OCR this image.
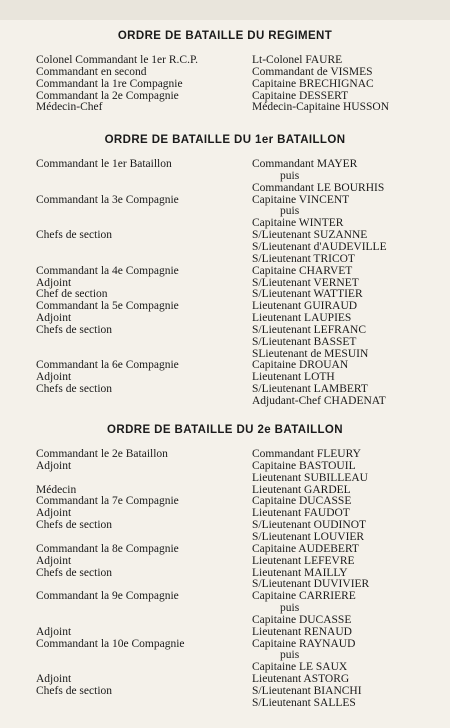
ORDRE DE BATAILLE DU REGIMENT
Colonel Commandant le 1er R.C.P.	Lt-Colonel FAURE
Commandant en second	Commandant de VISMES
Commandant la 1re Compagnie	Capitaine BRECHIGNAC
Commandant la 2e Compagnie	Capitaine DESSERT
Médecin-Chef	Médecin-Capitaine HUSSON
ORDRE DE BATAILLE DU 1er BATAILLON
Commandant le 1er Bataillon	Commandant MAYER
puis
Commandant LE BOURHIS
Commandant la 3e Compagnie	Capitaine VINCENT
puis
Capitaine WINTER
Chefs de section	S/Lieutenant SUZANNE
S/Lieutenant d'AUDEVILLE
S/Lieutenant TRICOT
Commandant la 4e Compagnie	Capitaine CHARVET
Adjoint	S/Lieutenant VERNET
Chef de section	S/Lieutenant WATTIER
Commandant la 5e Compagnie	Lieutenant GUIRAUD
Adjoint	Lieutenant LAUPIES
Chefs de section	S/Lieutenant LEFRANC
S/Lieutenant BASSET
SLieutenant de MESUIN
Commandant la 6e Compagnie	Capitaine DROUAN
Adjoint	Lieutenant LOTH
Chefs de section	S/Lieutenant LAMBERT
Adjudant-Chef CHADENAT
ORDRE DE BATAILLE DU 2e BATAILLON
Commandant le 2e Bataillon	Commandant FLEURY
Adjoint	Capitaine BASTOUIL
Lieutenant SUBILLEAU
Médecin	Lieutenant GARDEL
Commandant la 7e Compagnie	Capitaine DUCASSE
Adjoint	Lieutenant FAUDOT
Chefs de section	S/Lieutenant OUDINOT
S/Lieutenant LOUVIER
Commandant la 8e Compagnie	Capitaine AUDEBERT
Adjoint	Lieutenant LEFEVRE
Chefs de section	Lieutenant MAILLY
S/Lieutenant DUVIVIER
Commandant la 9e Compagnie	Capitaine CARRIERE
puis
Capitaine DUCASSE
Adjoint	Lieutenant RENAUD
Commandant la 10e Compagnie	Capitaine RAYNAUD
puis
Capitaine LE SAUX
Adjoint	Lieutenant ASTORG
Chefs de section	S/Lieutenant BIANCHI
S/Lieutenant SALLES
